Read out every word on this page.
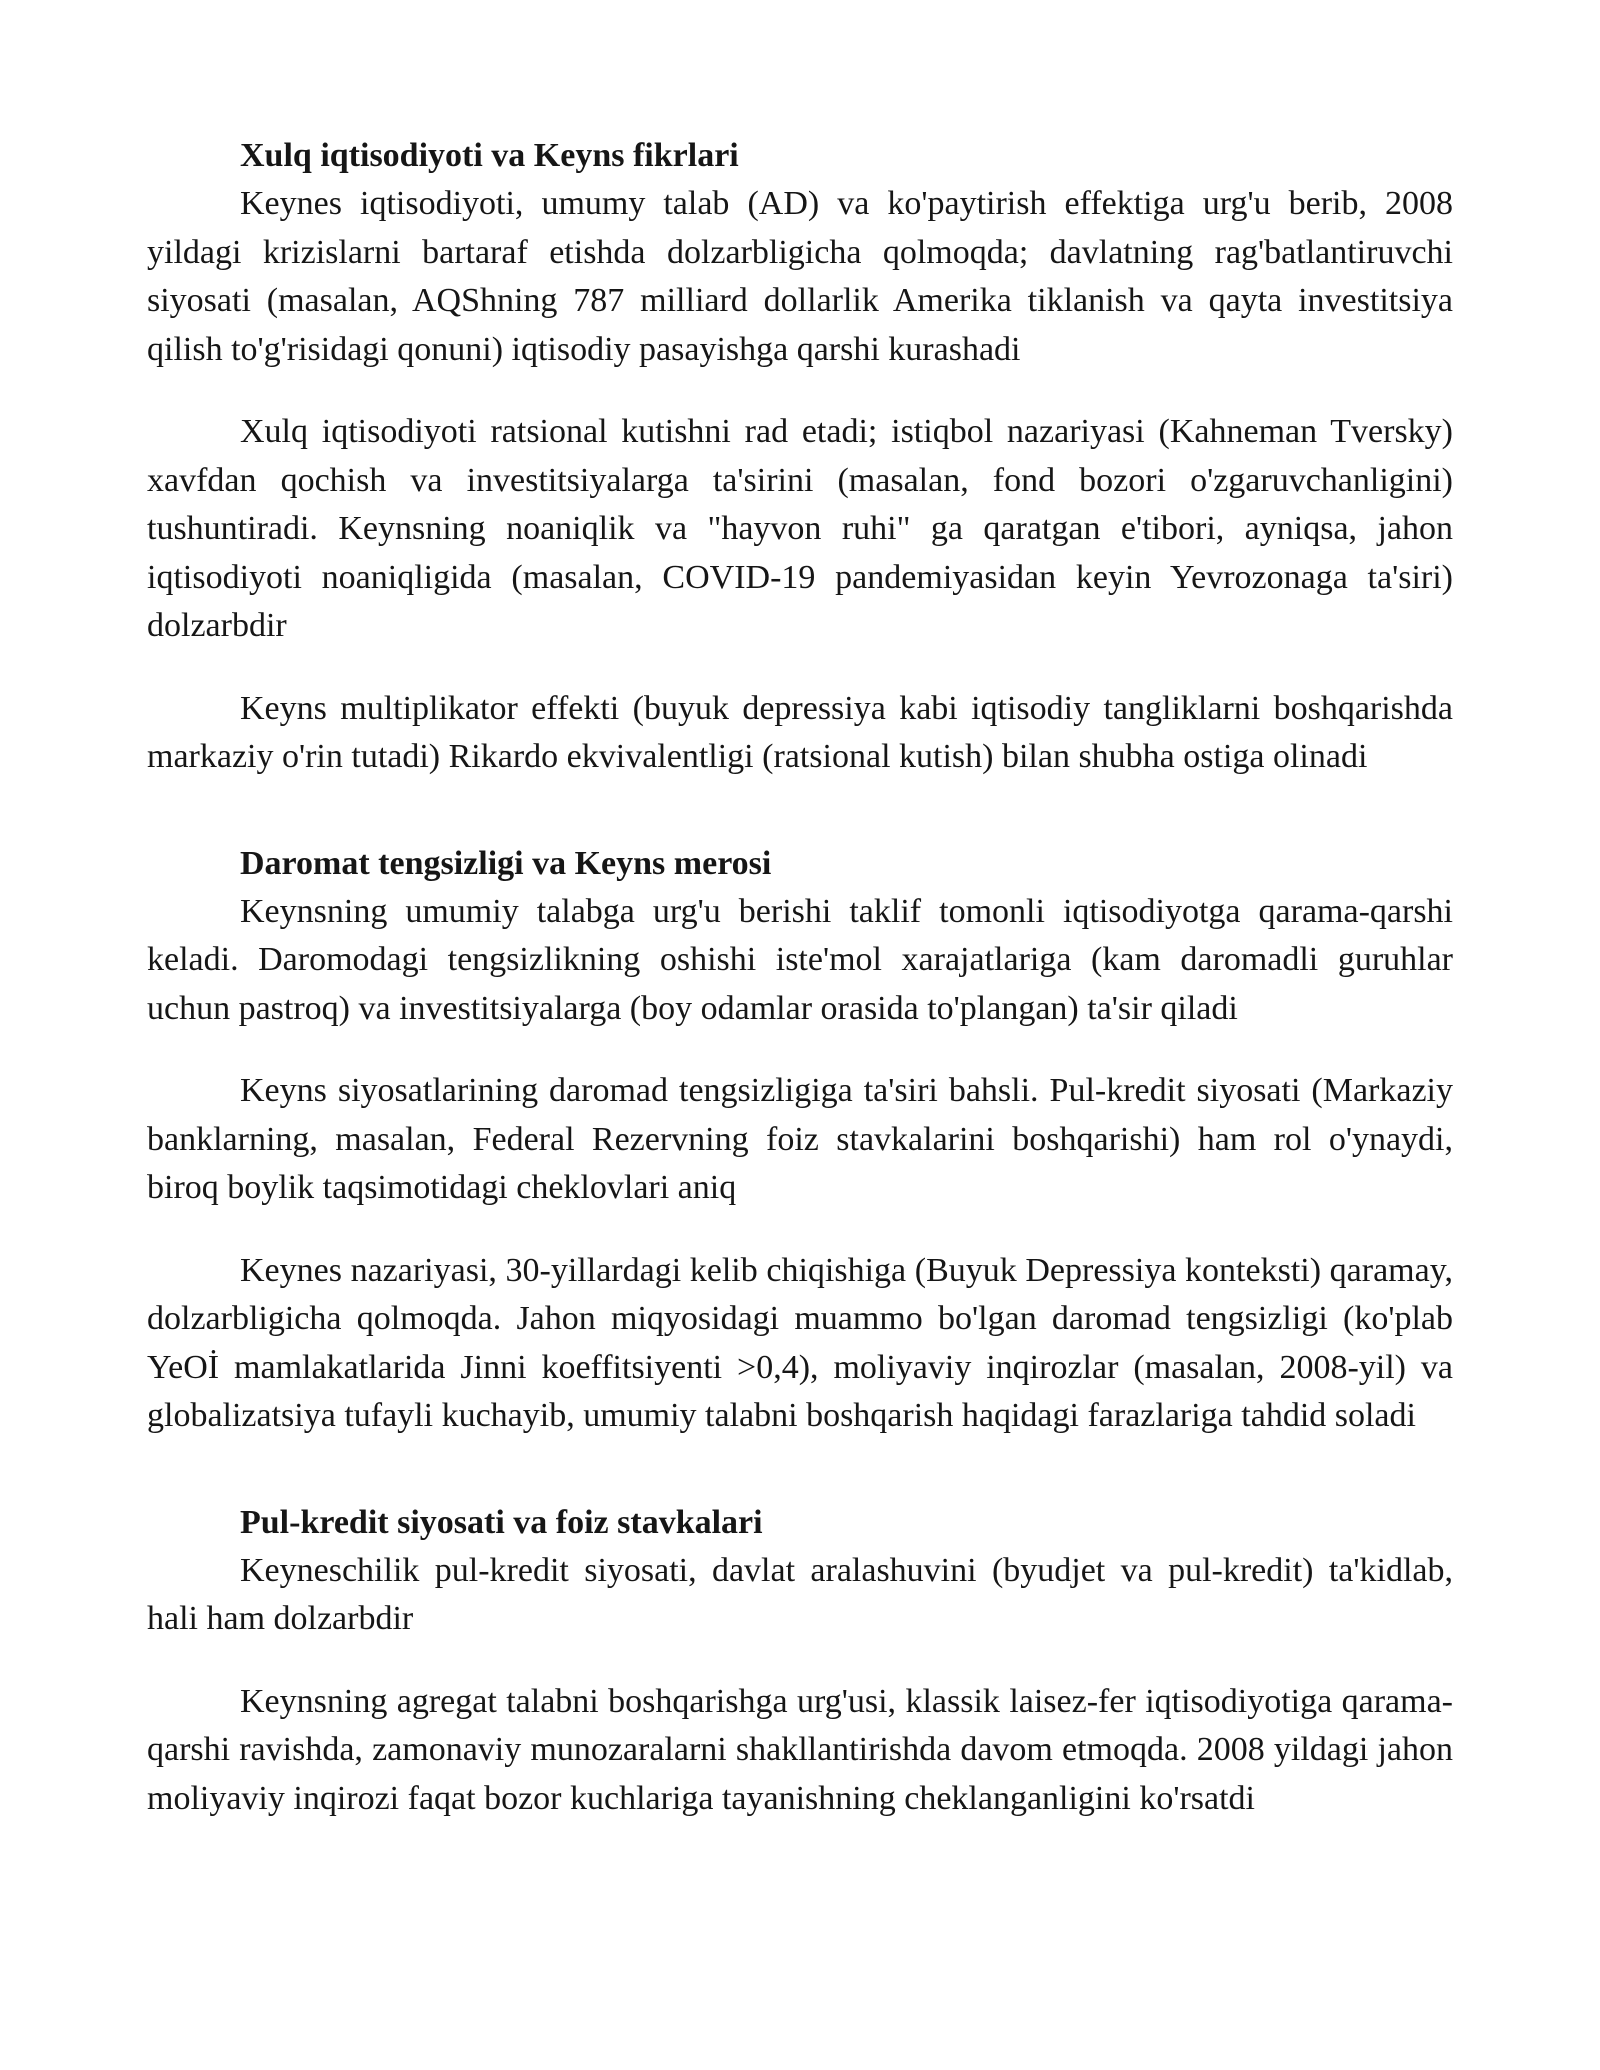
Xulq iqtisodiyoti va Keyns fikrlari

Keynes iqtisodiyoti, umumy talab (AD) va ko'paytirish effektiga urg'u berib, 2008 yildagi krizislarni bartaraf etishda dolzarbligicha qolmoqda; davlatning rag'batlantiruvchi siyosati (masalan, AQShning 787 milliard dollarlik Amerika tiklanish va qayta investitsiya qilish to'g'risidagi qonuni) iqtisodiy pasayishga qarshi kurashadi

Xulq iqtisodiyoti ratsional kutishni rad etadi; istiqbol nazariyasi (Kahneman Tversky) xavfdan qochish va investitsiyalarga ta'sirini (masalan, fond bozori o'zgaruvchanligini) tushuntiradi. Keynsning noaniqlik va "hayvon ruhi" ga qaratgan e'tibori, ayniqsa, jahon iqtisodiyoti noaniqligida (masalan, COVID-19 pandemiyasidan keyin Yevrozonaga ta'siri) dolzarbdir

Keyns multiplikator effekti (buyuk depressiya kabi iqtisodiy tangliklarni boshqarishda markaziy o'rin tutadi) Rikardo ekvivalentligi (ratsional kutish) bilan shubha ostiga olinadi

Daromat tengsizligi va Keyns merosi

Keynsning umumiy talabga urg'u berishi taklif tomonli iqtisodiyotga qarama-qarshi keladi. Daromodagi tengsizlikning oshishi iste'mol xarajatlariga (kam daromadli guruhlar uchun pastroq) va investitsiyalarga (boy odamlar orasida to'plangan) ta'sir qiladi

Keyns siyosatlarining daromad tengsizligiga ta'siri bahsli. Pul-kredit siyosati (Markaziy banklarning, masalan, Federal Rezervning foiz stavkalarini boshqarishi) ham rol o'ynaydi, biroq boylik taqsimotidagi cheklovlari aniq

Keynes nazariyasi, 30-yillardagi kelib chiqishiga (Buyuk Depressiya konteksti) qaramay, dolzarbligicha qolmoqda. Jahon miqyosidagi muammo bo'lgan daromad tengsizligi (ko'plab YeOİ mamlakatlarida Jinni koeffitsiyenti >0,4), moliyaviy inqirozlar (masalan, 2008-yil) va globalizatsiya tufayli kuchayib, umumiy talabni boshqarish haqidagi farazlariga tahdid soladi

Pul-kredit siyosati va foiz stavkalari

Keyneschilik pul-kredit siyosati, davlat aralashuvini (byudjet va pul-kredit) ta'kidlab, hali ham dolzarbdir

Keynsning agregat talabni boshqarishga urg'usi, klassik laisez-fer iqtisodiyotiga qarama-qarshi ravishda, zamonaviy munozaralarni shakllantirishda davom etmoqda. 2008 yildagi jahon moliyaviy inqirozi faqat bozor kuchlariga tayanishning cheklanganligini ko'rsatdi
